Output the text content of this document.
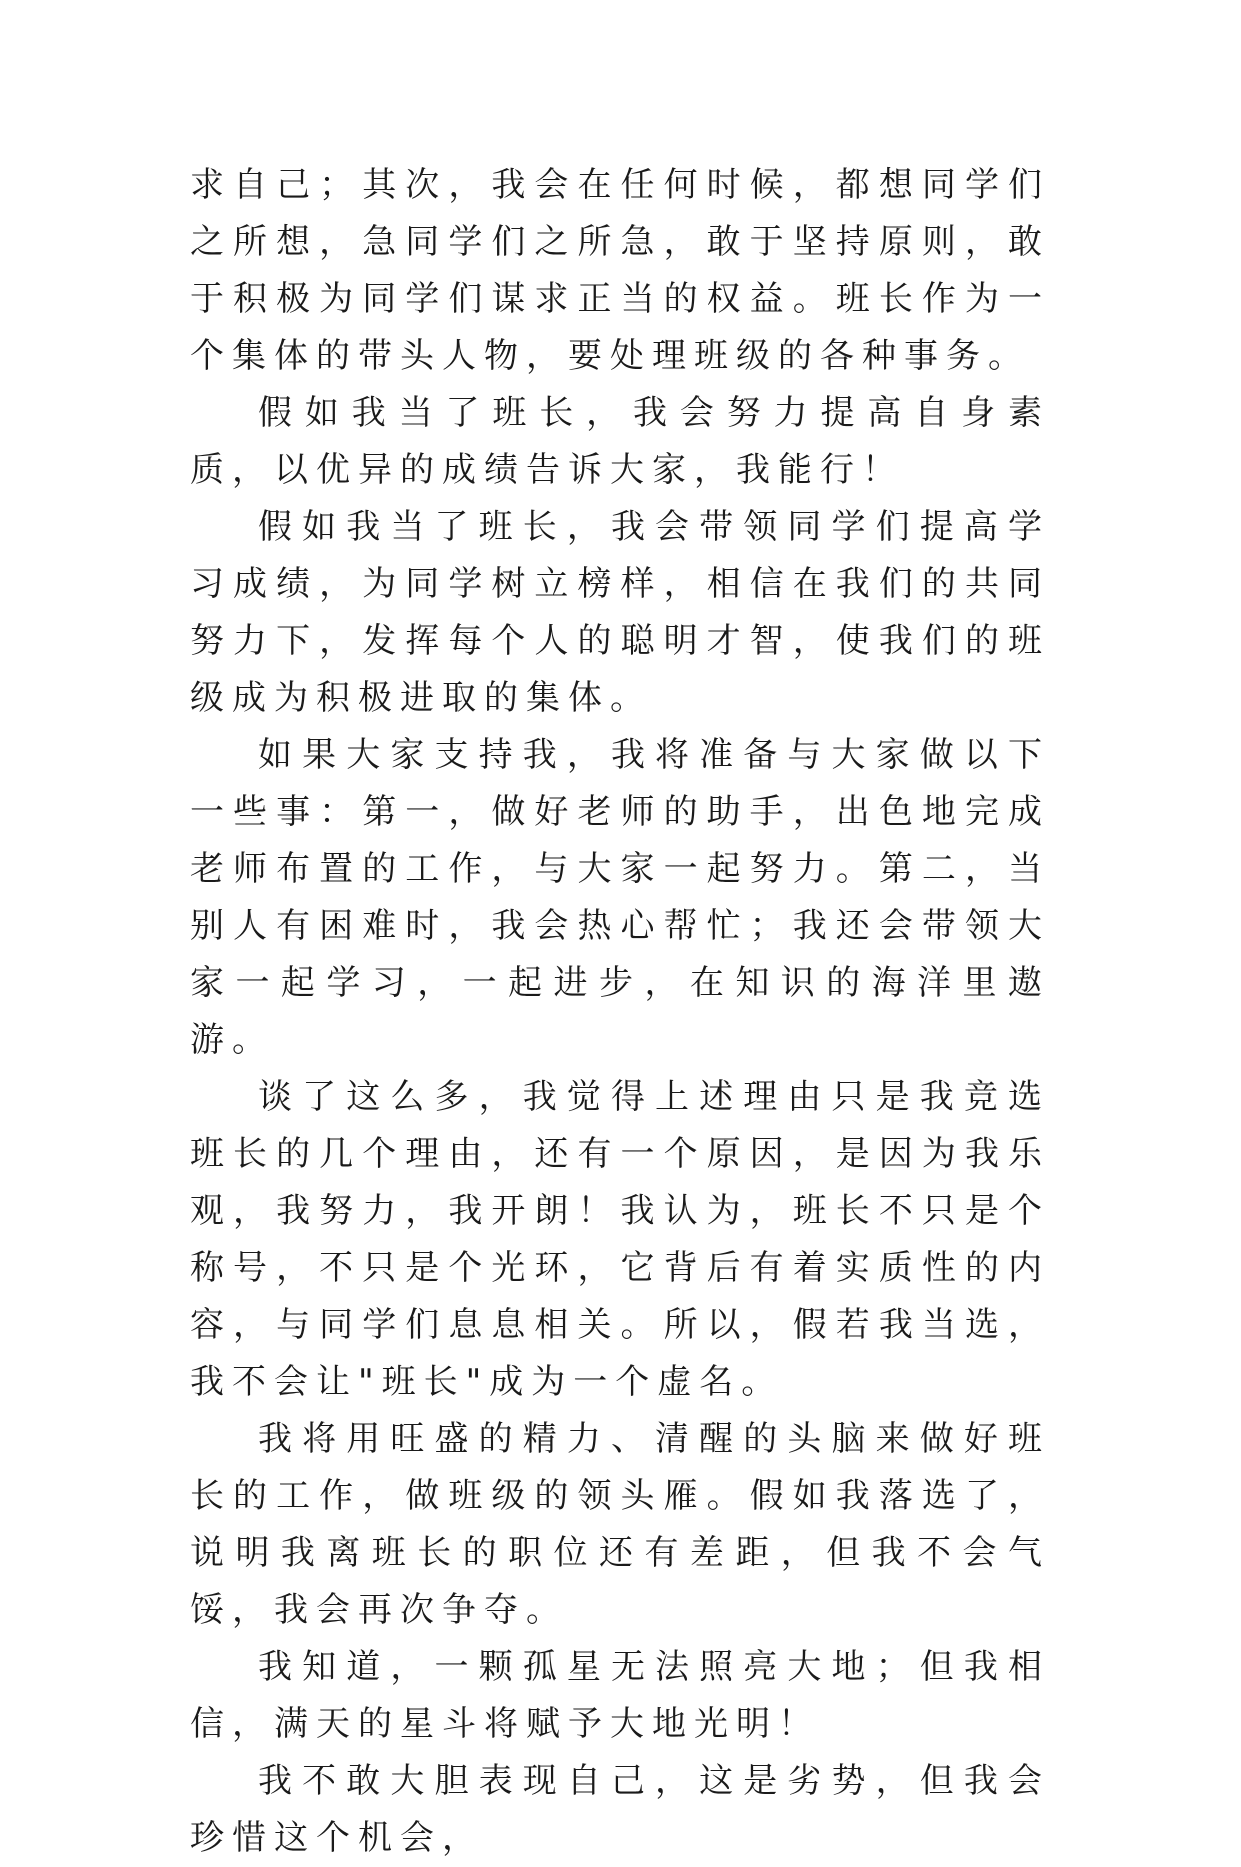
求自己；其次，我会在任何时候，都想同学们之所想，急同学们之所急，敢于坚持原则，敢于积极为同学们谋求正当的权益。班长作为一个集体的带头人物，要处理班级的各种事务。

假如我当了班长，我会努力提高自身素质，以优异的成绩告诉大家，我能行！

假如我当了班长，我会带领同学们提高学习成绩，为同学树立榜样，相信在我们的共同努力下，发挥每个人的聪明才智，使我们的班级成为积极进取的集体。

如果大家支持我，我将准备与大家做以下一些事：第一，做好老师的助手，出色地完成老师布置的工作，与大家一起努力。第二，当别人有困难时，我会热心帮忙；我还会带领大家一起学习，一起进步，在知识的海洋里遨游。

谈了这么多，我觉得上述理由只是我竞选班长的几个理由，还有一个原因，是因为我乐观，我努力，我开朗！我认为，班长不只是个称号，不只是个光环，它背后有着实质性的内容，与同学们息息相关。所以，假若我当选，我不会让"班长"成为一个虚名。

我将用旺盛的精力、清醒的头脑来做好班长的工作，做班级的领头雁。假如我落选了，说明我离班长的职位还有差距，但我不会气馁，我会再次争夺。

我知道，一颗孤星无法照亮大地；但我相信，满天的星斗将赋予大地光明！

我不敢大胆表现自己，这是劣势，但我会珍惜这个机会，
